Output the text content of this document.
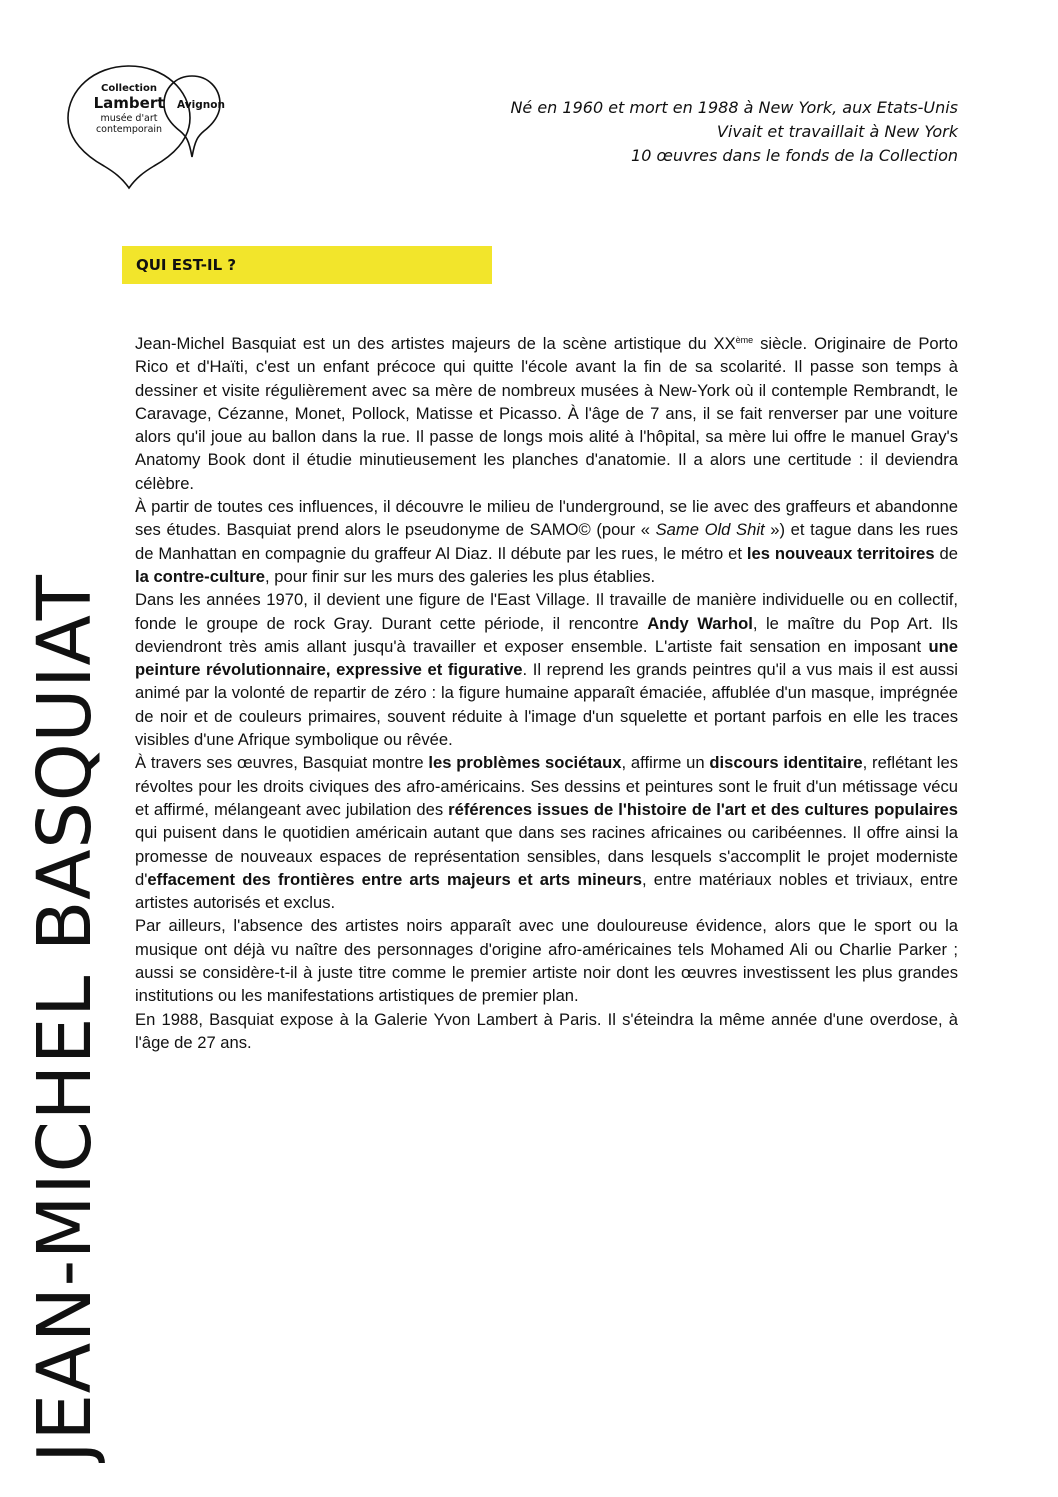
Collection
Lambert
musée d'art
contemporain
Avignon	Né en 1960 et mort en 1988 à New York, aux Etats-Unis
Vivait et travaillait à New York
10 œuvres dans le fonds de la Collection
JEAN-MICHEL BASQUIAT
QUI EST-IL ?

Jean-Michel Basquiat est un des artistes majeurs de la scène artistique du XXème siècle. Originaire de Porto Rico et d'Haïti, c'est un enfant précoce qui quitte l'école avant la fin de sa scolarité. Il passe son temps à dessiner et visite régulièrement avec sa mère de nombreux musées à New-York où il contemple Rembrandt, le Caravage, Cézanne, Monet, Pollock, Matisse et Picasso. À l'âge de 7 ans, il se fait renverser par une voiture alors qu'il joue au ballon dans la rue. Il passe de longs mois alité à l'hôpital, sa mère lui offre le manuel Gray's Anatomy Book dont il étudie minutieusement les planches d'anatomie. Il a alors une certitude : il deviendra célèbre.

À partir de toutes ces influences, il découvre le milieu de l'underground, se lie avec des graffeurs et abandonne ses études. Basquiat prend alors le pseudonyme de SAMO© (pour « Same Old Shit ») et tague dans les rues de Manhattan en compagnie du graffeur Al Diaz. Il débute par les rues, le métro et les nouveaux territoires de la contre-culture, pour finir sur les murs des galeries les plus établies.

Dans les années 1970, il devient une figure de l'East Village. Il travaille de manière individuelle ou en collectif, fonde le groupe de rock Gray. Durant cette période, il rencontre Andy Warhol, le maître du Pop Art. Ils deviendront très amis allant jusqu'à travailler et exposer ensemble. L'artiste fait sensation en imposant une peinture révolutionnaire, expressive et figurative. Il reprend les grands peintres qu'il a vus mais il est aussi animé par la volonté de repartir de zéro : la figure humaine apparaît émaciée, affublée d'un masque, imprégnée de noir et de couleurs primaires, souvent réduite à l'image d'un squelette et portant parfois en elle les traces visibles d'une Afrique symbolique ou rêvée.

À travers ses œuvres, Basquiat montre les problèmes sociétaux, affirme un discours identitaire, reflétant les révoltes pour les droits civiques des afro-américains. Ses dessins et peintures sont le fruit d'un métissage vécu et affirmé, mélangeant avec jubilation des références issues de l'histoire de l'art et des cultures populaires qui puisent dans le quotidien américain autant que dans ses racines africaines ou caribéennes. Il offre ainsi la promesse de nouveaux espaces de représentation sensibles, dans lesquels s'accomplit le projet moderniste d'effacement des frontières entre arts majeurs et arts mineurs, entre matériaux nobles et triviaux, entre artistes autorisés et exclus.

Par ailleurs, l'absence des artistes noirs apparaît avec une douloureuse évidence, alors que le sport ou la musique ont déjà vu naître des personnages d'origine afro-américaines tels Mohamed Ali ou Charlie Parker ; aussi se considère-t-il à juste titre comme le premier artiste noir dont les œuvres investissent les plus grandes institutions ou les manifestations artistiques de premier plan.

En 1988, Basquiat expose à la Galerie Yvon Lambert à Paris. Il s'éteindra la même année d'une overdose, à l'âge de 27 ans.
